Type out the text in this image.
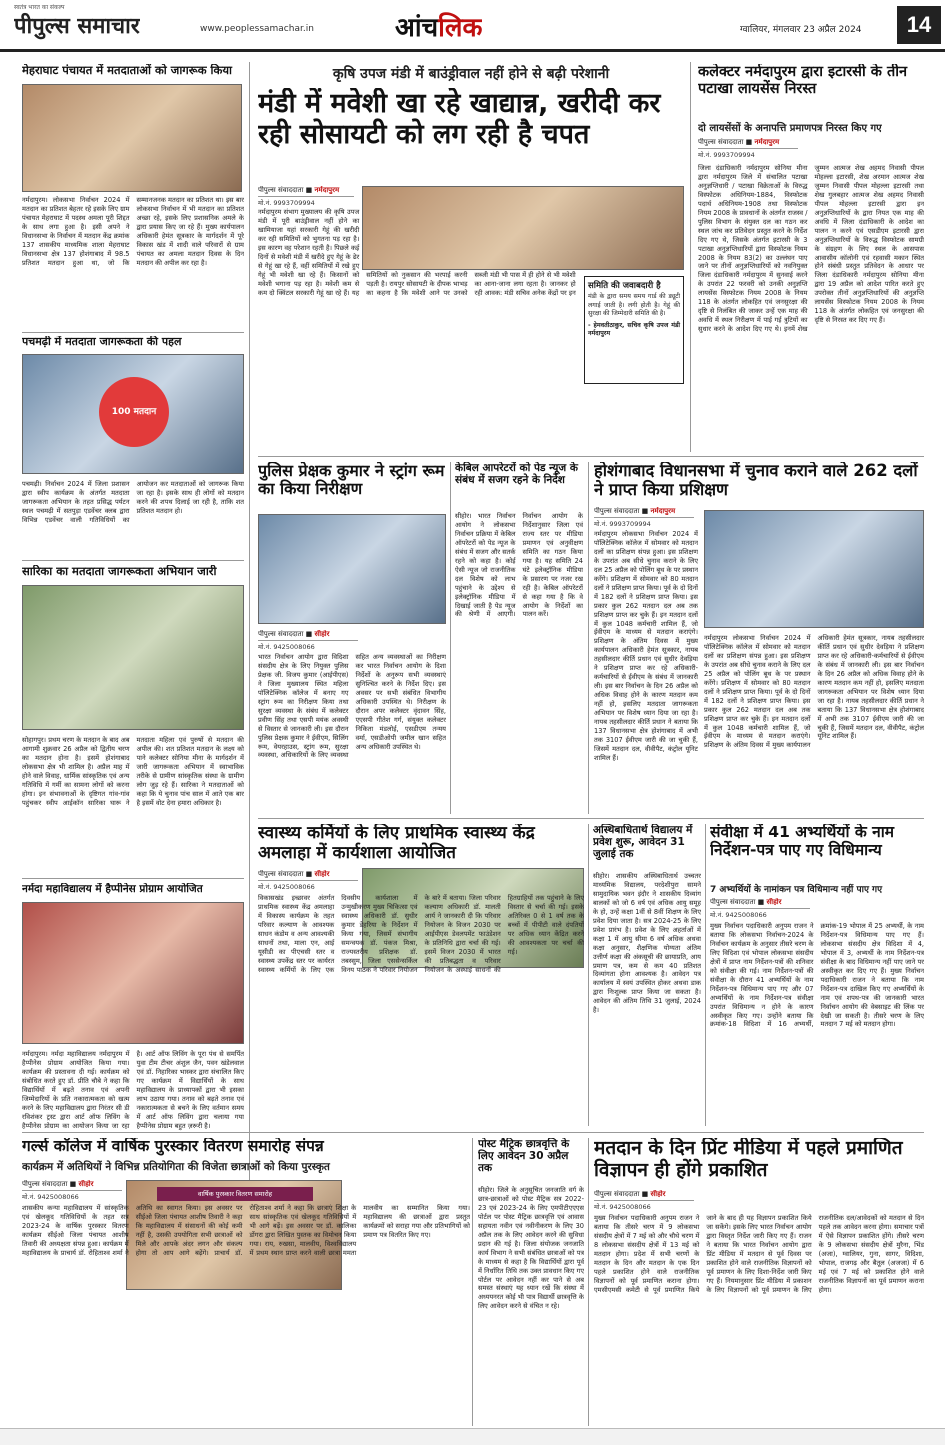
स्वतंत्र भारत का संकल्प
पीपुल्स समाचार	www.peoplessamachar.in	आंचलिक	ग्वालियर, मंगलवार 23 अप्रैल 2024	14
मेहराघाट पंचायत में मतदाताओं को जागरूक किया
नर्मदापुरम। लोकसभा निर्वाचन 2024 में मतदान का प्रतिशत बेहतर रहे इसके लिए ग्राम पंचायत मेहराघाट में पदस्थ अमला पूरी शिद्दत के साथ लगा हुआ है। इसी अपने ने विधानसभा के निर्वाचन में मतदान केंद्र क्रमांक 137 शासकीय माध्यमिक शाला मेहराघाट विधानसभा क्षेत्र 137 होशंगाबाद में 98.5 प्रतिशत मतदान हुआ था, जो कि सम्मानजनक मतदान का प्रतिशत था। इस बार लोकसभा निर्वाचन में भी मतदान का प्रतिशत अच्छा रहे, इसके लिए प्रशासनिक अमले के द्वारा प्रयास किए जा रहे हैं। मुख्य कार्यपालन अधिकारी हेमंत सूत्रकार के मार्गदर्शन में पूरे विकास खंड में शादी वाले परिवारों से ग्राम पंचायत का अमला मतदान दिवस के दिन मतदान की अपील कर रहा है।
पचमढ़ी में मतदाता जागरूकता की पहल
100 मतदान
पचमढ़ी। निर्वाचन 2024 में जिला प्रशासन द्वारा स्वीप कार्यक्रम के अंतर्गत मतदाता जागरूकता अभियान के तहत प्रसिद्ध पर्यटन स्थल पचमढ़ी में सतपुड़ा एडवेंचर क्लब द्वारा विभिन्न एडवेंचर वाली गतिविधियों का आयोजन कर मतदाताओं को जागरूक किया जा रहा है। इसके साथ ही लोगों को मतदान करने की शपथ दिलाई जा रही है, ताकि शत प्रतिशत मतदान हो।
सारिका का मतदाता जागरूकता अभियान जारी
सोहागपुर। प्रथम चरण के मतदान के बाद अब आगामी शुक्रवार 26 अप्रैल को द्वितीय चरण का मतदान होना है। इसमें होशंगाबाद लोकसभा क्षेत्र भी शामिल है। अप्रैल माह में होने वाले विवाह, धार्मिक सांस्कृतिक एवं अन्य गतिविधि में गर्मी का सामना लोगों को करना होगा। इन संभावनाओं के दृष्टिगत गांव-गांव पहुंचकर स्वीप आईकॉन सारिका घारू ने मतदाता महिला एवं पुरुषों से मतदान की अपील की। शत प्रतिशत मतदान के लक्ष्य को पाने कलेक्टर सोनिया मीना के मार्गदर्शन में जारी जागरूकता अभियान में स्वाभाविक तरीके से ग्रामीण सांस्कृतिक संस्था के ग्रामीण लोग जुड़ रहे हैं। सारिका ने मतदाताओं को कहा कि ये चुनाव पांच साल में आते एक बार है इसमें वोट देना हमारा अधिकार है।
नर्मदा महाविद्यालय में हैप्पीनेस प्रोग्राम आयोजित
नर्मदापुरम। नर्मदा महाविद्यालय नर्मदापुरम में हैप्पीनेस प्रोग्राम आयोजित किया गया। कार्यक्रम की प्रस्तावना दी गई। कार्यक्रम को संबोधित करते हुए डॉ. प्रीति चौबे ने कहा कि विद्यार्थियों में बढ़ते तनाव एवं अपनी जिम्मेदारियों के प्रति नकारात्मकता को खत्म करने के लिए महाविद्यालय द्वारा निरंतर सी डी रविशंकर ट्रस्ट द्वारा आर्ट ऑफ लिविंग के हैप्पीनेस प्रोग्राम का आयोजन किया जा रहा है। आर्ट ऑफ लिविंग के पूरा पंथ से समर्पित युवा टीम टीचर अंशुल जैन, पवन खंडेलवाल एवं डॉ. निहारिका भास्कर द्वारा संचालित किए गए कार्यक्रम में विद्यार्थियों के साथ महाविद्यालय के प्राध्यापकों द्वारा भी इसका लाभ उठाया गया। तनाव को बढ़ते तनाव एवं नकारात्मकता से बचने के लिए वर्तमान समय में आर्ट ऑफ लिविंग द्वारा चलाया गया हैप्पीनेस प्रोग्राम बहुत ज़रूरी है।
कृषि उपज मंडी में बाउंड्रीवाल नहीं होने से बढ़ी परेशानी
मंडी में मवेशी खा रहे खाद्यान्न, खरीदी कर रही सोसायटी को लग रही है चपत
पीपुल्स संवाददाता ■ नर्मदापुरम
मो.नं. 9993709994
नर्मदापुरम संभाग मुख्यालय की कृषि उपज मंडी में पूरी बाउंड्रीवाल नहीं होने का खामियाजा यहां सरकारी गेहूं की खरीदी कर रही समितियों को भुगतना पड़ रहा है। इस कारण वह परेशान रहती है। पिछले कई दिनों से मवेशी मंडी में खरीदे हुए गेहूं के ढेर से गेहूं खा रहे हैं, वहीं समितियों में रखे हुए गेहूं भी मवेशी खा रहे हैं। किसानों को मवेशी भगाना पड़ रहा है। मवेशी कम से कम दो क्विंटल सरकारी गेहूं खा रहे हैं। यह समितियों को नुकसान की भरपाई करनी पड़ती है। रायपुर सोसायटी के दीपक भाभड़ का कहना है कि मवेशी आने पर उनको सब्जी मंडी भी पास में ही होने से भी मवेशी का आना-जाना लगा रहता है। जानकर हो रही आवक: मंडी सचिव अनेक केंद्रों पर इन
समिति की जवाबदारी है
मंडी के द्वारा समय समय गार्ड की ड्यूटी लगाई जाती है। लगी होती है। गेहूं की सुरक्षा की जिम्मेदारी समिति की है।
- हेमवतीठाकुर, सचिव कृषि उपज मंडी नर्मदापुरम
कलेक्टर नर्मदापुरम द्वारा इटारसी के तीन पटाखा लायसेंस निरस्त
दो लायसेंसों के अनापत्ति प्रमाणपत्र निरस्त किए गए
पीपुल्स संवाददाता ■ नर्मदापुरम
मो.नं. 9993709994
जिला दंडाधिकारी नर्मदापुरम सोनिया मीना द्वारा नर्मदापुरम जिले में संचालित पटाखा अनुज्ञप्तिधारी / पटाखा विक्रेताओं के विरुद्ध विस्फोटक अधिनियम-1884, विस्फोटक पदार्थ अधिनियम-1908 तथा विस्फोटक नियम 2008 के प्रावधानों के अंतर्गत राजस्व / पुलिस विभाग के संयुक्त दल का गठन कर स्थल जांच कर प्रतिवेदन प्रस्तुत करने के निर्देश दिए गए थे, जिसके अंतर्गत इटारसी के 3 पटाखा अनुज्ञप्तिधारियों द्वारा विस्फोटक नियम 2008 के नियम 83(2) का उल्लंघन पाए जाने पर तीनों अनुज्ञप्तिधारियों को नवनियुक्त जिला दंडाधिकारी नर्मदापुरम में सुनवाई करने के उपरांत 22 फरवरी को उनकी अनुज्ञप्ति लायसेंस विस्फोटक नियम 2008 के नियम 118 के अंतर्गत लोकहित एवं जनसुरक्षा की दृष्टि से निलंबित की जाकर उन्हें एक माह की अवधि में स्थल निरीक्षण में पाई गई त्रुटियों का सुधार करने के आदेश दिए गए थे। इनमें शेख जुम्मन आत्मज शेख अहमद निवासी पीपल मोहल्ला इटारसी, शेख अरमान आत्मज शेख जुम्मन निवासी पीपल मोहल्ला इटारसी तथा शेख गुलबहार आत्मज शेख अहमद निवासी पीपल मोहल्ला इटारसी द्वारा इन अनुज्ञप्तिधारियों के द्वारा नियत एक माह की अवधि में जिला दंडाधिकारी के आदेश का पालन न करने एवं एसडीएम इटारसी द्वारा अनुज्ञप्तिधारियों के विरुद्ध विस्फोटक सामग्री के संग्रहण के लिए स्थल के आसपास आवासीय कॉलोनी एवं रहवासी मकान स्थित होने संबंधी प्रस्तुत प्रतिवेदन के आधार पर जिला दंडाधिकारी नर्मदापुरम सोनिया मीना द्वारा 19 अप्रैल को आदेश पारित करते हुए उपरोक्त तीनों अनुज्ञप्तिधारियों की अनुज्ञप्ति लायसेंस विस्फोटक नियम 2008 के नियम 118 के अंतर्गत लोकहित एवं जनसुरक्षा की दृष्टि से निरस्त कर दिए गए हैं।
पुलिस प्रेक्षक कुमार ने स्ट्रांग रूम का किया निरीक्षण
पीपुल्स संवाददाता ■ सीहोर
मो.नं. 9425008066
भारत निर्वाचन आयोग द्वारा विदिशा संसदीय क्षेत्र के लिए नियुक्त पुलिस प्रेक्षक जी. विजय कुमार (आईपीएस) ने जिला मुख्यालय स्थित महिला पॉलिटेक्निक कॉलेज में बनाए गए स्ट्रांग रूम का निरीक्षण किया तथा सुरक्षा व्यवस्था के संबंध में कलेक्टर प्रवीण सिंह तथा एसपी मयंक अवस्थी से विस्तार से जानकारी ली। इस दौरान पुलिस प्रेक्षक कुमार ने ईवीएम, सिलिंग रूम, वेयरहाउस, स्ट्रांग रूम, सुरक्षा व्यवस्था, अधिकारियों के लिए व्यवस्था सहित अन्य व्यवस्थाओं का निरीक्षण कर भारत निर्वाचन आयोग के दिशा निर्देशों के अनुरूप सभी व्यवस्थाएं सुनिश्चित करने के निर्देश दिए। इस अवसर पर सभी संबंधित विभागीय अधिकारी उपस्थित थे। निरीक्षण के दौरान अपर कलेक्टर वृंदावन सिंह, एएसपी गीतेश गर्ग, संयुक्त कलेक्टर निकिता मंडलोई, एसडीएम तन्मय वर्मा, एसडीओपी जमील खान सहित अन्य अधिकारी उपस्थित थे।
केबिल आपरेटरों को पेड न्यूज के संबंध में सजग रहने के निर्देश
सीहोर। भारत निर्वाचन आयोग ने लोकसभा निर्वाचन प्रक्रिया में केबिल ऑपरेटरों को पेड न्यूज के संबंध में सजग और सतर्क रहने को कहा है। कोई ऐसी न्यूज जो राजनीतिक दल विशेष को लाभ पहुंचाने के उद्देश्य से इलेक्ट्रॉनिक मीडिया में दिखाई जाती है पेड न्यूज की श्रेणी में आएगी। निर्वाचन आयोग के निर्देशानुसार जिला एवं राज्य स्तर पर मीडिया प्रमाणन एवं अनुवीक्षण समिति का गठन किया गया है। यह समिति 24 घंटे इलेक्ट्रॉनिक मीडिया के प्रसारण पर नजर रख रही है। केबिल ऑपरेटरों से कहा गया है कि वे आयोग के निर्देशों का पालन करें।
होशंगाबाद विधानसभा में चुनाव कराने वाले 262 दलों ने प्राप्त किया प्रशिक्षण
पीपुल्स संवाददाता ■ नर्मदापुरम
मो.नं. 9993709994
नर्मदापुरम लोकसभा निर्वाचन 2024 में पॉलिटेक्निक कॉलेज में सोमवार को मतदान दलों का प्रशिक्षण संपन्न हुआ। इस प्रशिक्षण के उपरांत अब सीधे चुनाव कराने के लिए दल 25 अप्रैल को पोलिंग बूथ के पर प्रस्थान करेंगे। प्रशिक्षण में सोमवार को 80 मतदान दलों ने प्रशिक्षण प्राप्त किया। पूर्व के दो दिनों में 182 दलों ने प्रशिक्षण प्राप्त किया। इस प्रकार कुल 262 मतदान दल अब तक प्रशिक्षण प्राप्त कर चुके हैं। इन मतदान दलों में कुल 1048 कर्मचारी शामिल हैं, जो ईवीएम के माध्यम से मतदान कराएंगे। प्रशिक्षण के अंतिम दिवस में मुख्य कार्यपालन अधिकारी हेमंत सूत्रकार, नायब तहसीलदार कीर्ति प्रधान एवं सुधीर देवड़िया ने प्रशिक्षण प्राप्त कर रहे अधिकारी-कर्मचारियों से ईवीएम के संबंध में जानकारी ली। इस बार निर्वाचन के दिन 26 अप्रैल को अधिक विवाह होने के कारण मतदान कम नहीं हो, इसलिए मतदाता जागरूकता अभियान पर विशेष ध्यान दिया जा रहा है। नायब तहसीलदार कीर्ति प्रधान ने बताया कि 137 विधानसभा क्षेत्र होशंगाबाद में अभी तक 3107 ईवीएम जारी की जा चुकी हैं, जिसमें मतदान दल, वीवीपैट, कंट्रोल यूनिट शामिल हैं।
नर्मदापुरम लोकसभा निर्वाचन 2024 में पॉलिटेक्निक कॉलेज में सोमवार को मतदान दलों का प्रशिक्षण संपन्न हुआ। इस प्रशिक्षण के उपरांत अब सीधे चुनाव कराने के लिए दल 25 अप्रैल को पोलिंग बूथ के पर प्रस्थान करेंगे। प्रशिक्षण में सोमवार को 80 मतदान दलों ने प्रशिक्षण प्राप्त किया। पूर्व के दो दिनों में 182 दलों ने प्रशिक्षण प्राप्त किया। इस प्रकार कुल 262 मतदान दल अब तक प्रशिक्षण प्राप्त कर चुके हैं। इन मतदान दलों में कुल 1048 कर्मचारी शामिल हैं, जो ईवीएम के माध्यम से मतदान कराएंगे। प्रशिक्षण के अंतिम दिवस में मुख्य कार्यपालन अधिकारी हेमंत सूत्रकार, नायब तहसीलदार कीर्ति प्रधान एवं सुधीर देवड़िया ने प्रशिक्षण प्राप्त कर रहे अधिकारी-कर्मचारियों से ईवीएम के संबंध में जानकारी ली। इस बार निर्वाचन के दिन 26 अप्रैल को अधिक विवाह होने के कारण मतदान कम नहीं हो, इसलिए मतदाता जागरूकता अभियान पर विशेष ध्यान दिया जा रहा है। नायब तहसीलदार कीर्ति प्रधान ने बताया कि 137 विधानसभा क्षेत्र होशंगाबाद में अभी तक 3107 ईवीएम जारी की जा चुकी हैं, जिसमें मतदान दल, वीवीपैट, कंट्रोल यूनिट शामिल हैं।
स्वास्थ्य कर्मियों के लिए प्राथमिक स्वास्थ्य केंद्र अमलाहा में कार्यशाला आयोजित
पीपुल्स संवाददाता ■ सीहोर
मो.नं. 9425008066
विकासखंड इच्छावर अंतर्गत प्राथमिक स्वास्थ्य केंद्र अमलाहा में विकास्य कार्यक्रम के तहत परिवार कल्याण के आवश्यक साधन कंडोम व अन्य आवश्यकी साधनों तथा, माला एन, आई यूसीडी का पीएचसी स्तर व स्वास्थ्य उपकेंद्र स्तर पर कार्यरत स्वास्थ्य कर्मियों के लिए एक दिवसीय कार्यशाला में उन्मुखीकरण मुख्य चिकित्सा एवं स्वास्थ्य अधिकारी डॉ. सुधीर कुमार डेहरिया के निर्देशन में किया गया, जिसमें संभागीय समन्वयक डॉ. पंकज मिश्रा, राज्यस्तरीय प्रशिक्षक डॉ. तबस्सुम, जिला एससेन्सर्किल विनय पाठक ने परिवार नियोजन के बारे में बताया। जिला परिवार कल्याण अधिकारी डॉ. मालती आर्य ने जानकारी दी कि परिवार नियोजन के विजन 2030 पर आईपीएस डेवलपमेंट फाउंडेशन के प्रतिनिधि द्वारा चर्चा की गई। इसमें विजन 2030 में भारत की प्रतिबद्धता व परिवार नियोजन के अस्थाई साधनों की हितग्राहियों तक पहुंचाने के लिए विस्तार से चर्चा की गई। इसके अतिरिक्त 0 से 1 वर्ष तक के बच्चों में पीपीटी वाले दंपतियों पर अधिक ध्यान केंद्रित करने की आवश्यकता पर चर्चा की गई।
अस्थिबाधितार्थ विद्यालय में प्रवेश शुरू, आवेदन 31 जुलाई तक
सीहोर। शासकीय अस्थिबाधितार्थ उच्चतर माध्यमिक विद्यालय, परदेशीपुरा सामने सामुदायिक भवन इंदौर ने शासकीय दिव्यांग बालकों को जो 6 वर्ष एवं अधिक आयु समूह के हो, उन्हें कक्षा 1वीं से 8वीं शिक्षण के लिए प्रवेश दिया जाता है। सत्र 2024-25 के लिए प्रवेश प्रारंभ है। प्रवेश के लिए अहर्ताओं में कक्षा 1 में आयु सीमा 6 वर्ष अधिक अथवा कक्षा अनुसार, शैक्षणिक योग्यता अंतिम उत्तीर्ण कक्षा की अंकसूची की छायाप्रति, आय प्रमाण पत्र, कम से कम 40 प्रतिशत दिव्यांगता होना आवश्यक है। आवेदन पत्र कार्यालय में स्वयं उपस्थित होकर अथवा डाक द्वारा निःशुल्क प्राप्त किया जा सकता है। आवेदन की अंतिम तिथि 31 जुलाई, 2024 है।
संवीक्षा में 41 अभ्यर्थियों के नाम निर्देशन-पत्र पाए गए विधिमान्य
7 अभ्यर्थियों के नामांकन पत्र विधिमान्य नहीं पाए गए
पीपुल्स संवाददाता ■ सीहोर
मो.नं. 9425008066
मुख्य निर्वाचन पदाधिकारी अनुपम राजन ने बताया कि लोकसभा निर्वाचन-2024 के निर्वाचन कार्यक्रम के अनुसार तीसरे चरण के लिए विदिशा एवं भोपाल लोकसभा संसदीय क्षेत्रों में प्राप्त नाम निर्देशन-पत्रों की शनिवार को संवीक्षा की गई। नाम निर्देशन-पत्रों की संवीक्षा के दौरान 41 अभ्यर्थियों के नाम निर्देशन-पत्र विधिमान्य पाए गए और 07 अभ्यर्थियों के नाम निर्देशन-पत्र संवीक्षा उपरांत विधिमान्य न होने के कारण अस्वीकृत किए गए। उन्होंने बताया कि क्रमांक-18 विदिशा में 16 अभ्यर्थी, क्रमांक-19 भोपाल में 25 अभ्यर्थी, के नाम निर्देशन-पत्र विधिमान्य पाए गए हैं। लोकसभा संसदीय क्षेत्र विदिशा में 4, भोपाल में 3, अभ्यर्थी के नाम निर्देशन-पत्र संवीक्षा के बाद विधिमान्य नहीं पाए जाने पर अस्वीकृत कर दिए गए हैं। मुख्य निर्वाचन पदाधिकारी राजन ने बताया कि नाम निर्देशन-पत्र दाखिल किए गए अभ्यर्थियों के नाम एवं शपथ-पत्र की जानकारी भारत निर्वाचन आयोग की वेबसाइट की लिंक पर देखी जा सकती है। तीसरे चरण के लिए मतदान 7 मई को मतदान होगा।
गर्ल्स कॉलेज में वार्षिक पुरस्कार वितरण समारोह संपन्न
कार्यक्रम में अतिथियों ने विभिन्न प्रतियोगिता की विजेता छात्राओं को किया पुरस्कृत
पीपुल्स संवाददाता ■ सीहोर
मो.नं. 9425008066	वार्षिक पुरस्कार वितरण समारोह
शासकीय कन्या महाविद्यालय में सांस्कृतिक एवं खेलकूद गतिविधियों के तहत सत्र 2023-24 के वार्षिक पुरस्कार वितरण कार्यक्रम सीईओ जिला पंचायत आशीष तिवारी की अध्यक्षता संपन्न हुआ। कार्यक्रम में महाविद्यालय के प्राचार्य डॉ. रोहिताश्व शर्मा ने अतिथि का स्वागत किया। इस अवसर पर सीईओ जिला पंचायत आशीष तिवारी ने कहा कि महाविद्यालय में संसाधनों की कोई कमी नहीं है, उसकी उपयोगिता सभी छात्राओं को मिले और आपके अंदर लगन और संकल्प होगा तो आप आगे बढ़ेंगे। प्राचार्य डॉ. रोहिताश्व शर्मा ने कहा कि छात्राएं शिक्षा के साथ सांस्कृतिक एवं खेलकूद गतिविधियों में भी आगे बढ़ें। इस अवसर पर डॉ. कालिका डोंगरा द्वारा लिखित पुस्तक का विमोचन किया गया। राय, रुखसा, मालवीय, विश्वविद्यालय में प्रथम स्थान प्राप्त करने वाली छात्रा ममता मालवीय का सम्मानित किया गया। महाविद्यालय की छात्राओं द्वारा प्रस्तुत कार्यक्रमों को सराहा गया और प्रतिभागियों को प्रमाण पत्र वितरित किए गए।
पोस्ट मैट्रिक छात्रवृत्ति के लिए आवेदन 30 अप्रैल तक
सीहोर। जिले के अनुसूचित जनजाति वर्ग के छात्र-छात्राओं को पोस्ट मैट्रिक सत्र 2022-23 एवं 2023-24 के लिए एमपीटीएएएस पोर्टल पर पोस्ट मैट्रिक छात्रवृत्ति एवं आवास सहायता नवीन एवं नवीनीकरण के लिए 30 अप्रैल तक के लिए आवेदन करने की सुविधा प्रदान की गई है। जिला संयोजक जनजाति कार्य विभाग ने सभी संबंधित छात्राओं को पत्र के माध्यम से कहा है कि विद्यार्थियों द्वारा पूर्व में निर्धारित तिथि तक उक्त प्रावधान किए गए पोर्टल पर आवेदन नहीं कर पाने से अब समस्त संस्थाएं यह ध्यान रखें कि संस्था में अध्ययनरत कोई भी पात्र विद्यार्थी छात्रवृत्ति के लिए आवेदन करने से वंचित न रहे।
मतदान के दिन प्रिंट मीडिया में पहले प्रमाणित विज्ञापन ही होंगे प्रकाशित
पीपुल्स संवाददाता ■ सीहोर
मो.नं. 9425008066
मुख्य निर्वाचन पदाधिकारी अनुपम राजन ने बताया कि तीसरे चरण में 9 लोकसभा संसदीय क्षेत्रों में 7 मई को और चौथे चरण में 8 लोकसभा संसदीय क्षेत्रों में 13 मई को मतदान होगा। प्रदेश में सभी चरणों के मतदान के दिन और मतदान के एक दिन पहले प्रकाशित होने वाले राजनीतिक विज्ञापनों को पूर्व प्रमाणित कराना होगा। एमसीएमसी कमेटी से पूर्व प्रमाणित किये जाने के बाद ही यह विज्ञापन प्रकाशित किये जा सकेंगे। इसके लिए भारत निर्वाचन आयोग द्वारा विस्तृत निर्देश जारी किए गए हैं। राजन ने बताया कि भारत निर्वाचन आयोग द्वारा प्रिंट मीडिया में मतदान से पूर्व दिवस पर प्रकाशित होने वाले राजनीतिक विज्ञापनों को पूर्व प्रमाणन के लिए दिशा-निर्देश जारी किए गए हैं। नियमानुसार प्रिंट मीडिया में प्रकाशन के लिए विज्ञापनों को पूर्व प्रमाणन के लिए राजनीतिक दल/आवेदकों को मतदान से दिन पहले तक आवेदन करना होगा। समाचार पत्रों में ऐसे विज्ञापन प्रकाशित होंगे। तीसरे चरण के 9 लोकसभा संसदीय क्षेत्रों मुरैना, भिंड (अजा), ग्वालियर, गुना, सागर, विदिशा, भोपाल, राजगढ़ और बैतूल (अजजा) में 6 मई एवं 7 मई को प्रकाशित होने वाले राजनीतिक विज्ञापनों का पूर्व प्रमाणन कराना होगा।
